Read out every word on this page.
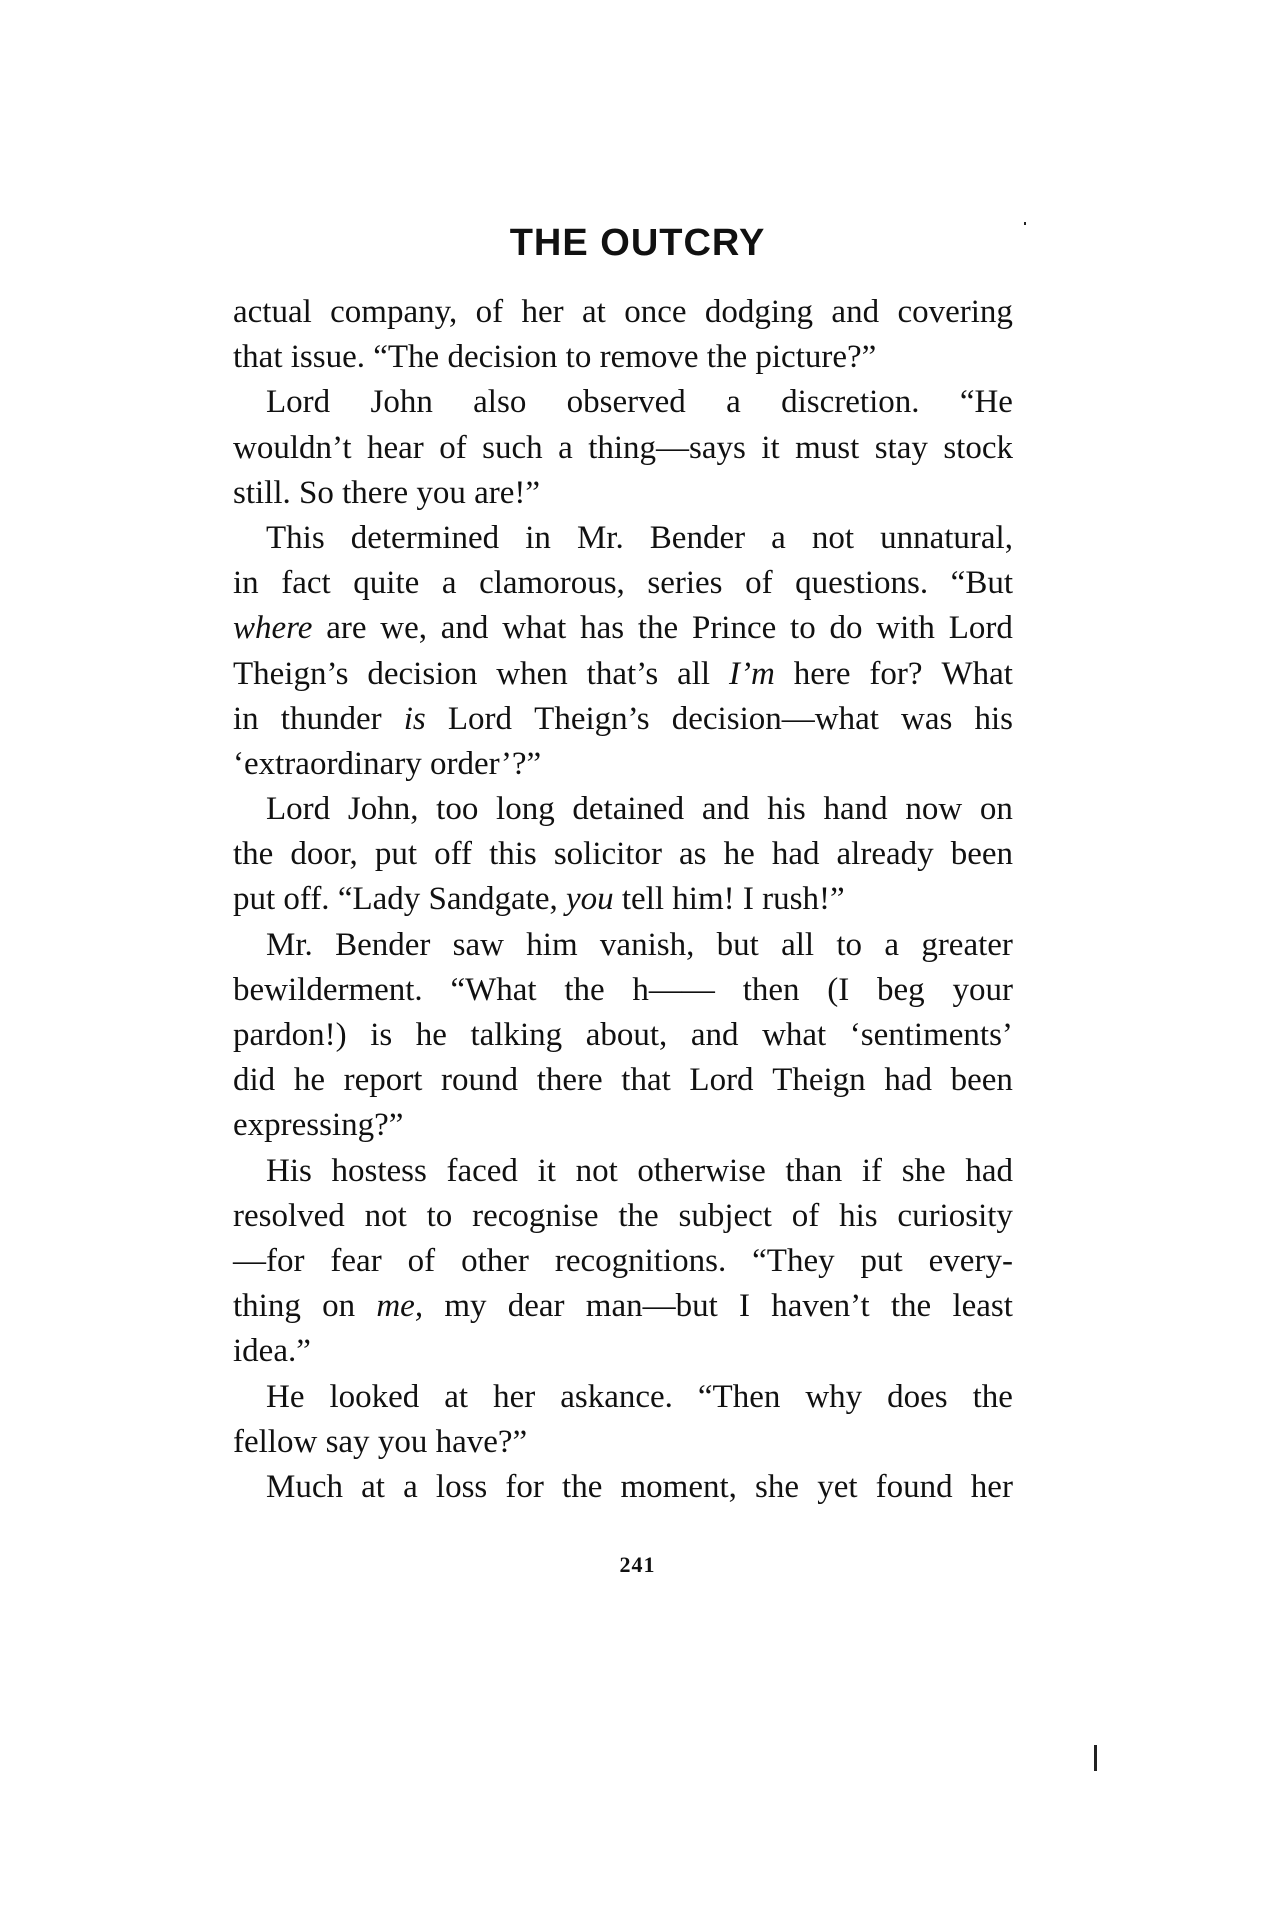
THE OUTCRY
actual company, of her at once dodging and covering
that issue. “The decision to remove the picture?”
Lord John also observed a discretion. “He
wouldn’t hear of such a thing—says it must stay stock
still. So there you are!”
This determined in Mr. Bender a not unnatural,
in fact quite a clamorous, series of questions. “But
where are we, and what has the Prince to do with Lord
Theign’s decision when that’s all I’m here for? What
in thunder is Lord Theign’s decision—what was his
‘extraordinary order’?”
Lord John, too long detained and his hand now on
the door, put off this solicitor as he had already been
put off. “Lady Sandgate, you tell him! I rush!”
Mr. Bender saw him vanish, but all to a greater
bewilderment. “What the h—— then (I beg your
pardon!) is he talking about, and what ‘sentiments’
did he report round there that Lord Theign had been
expressing?”
His hostess faced it not otherwise than if she had
resolved not to recognise the subject of his curiosity
—for fear of other recognitions. “They put every-
thing on me, my dear man—but I haven’t the least
idea.”
He looked at her askance. “Then why does the
fellow say you have?”
Much at a loss for the moment, she yet found her
241
